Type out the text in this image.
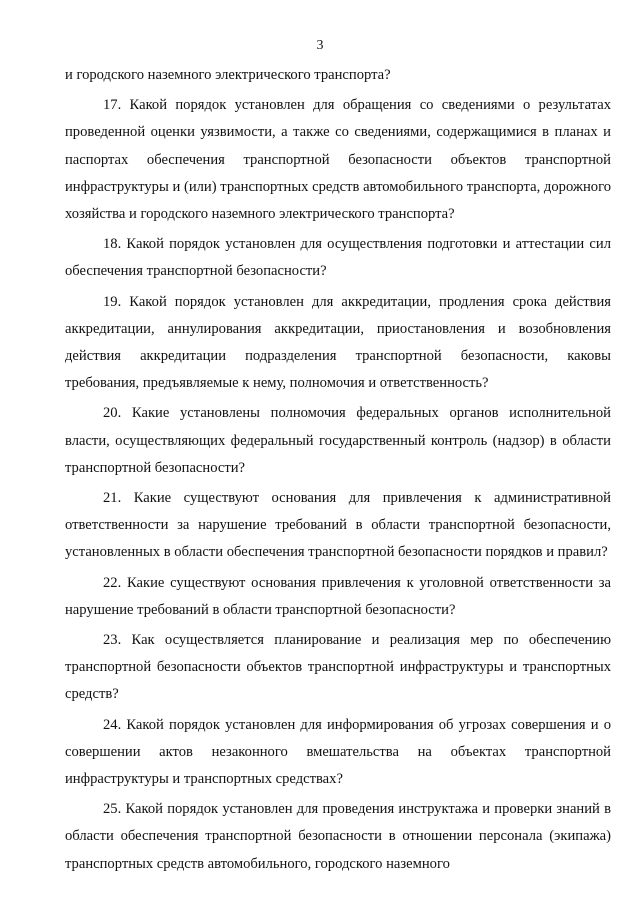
3

и городского наземного электрического транспорта?

17. Какой порядок установлен для обращения со сведениями о результатах проведенной оценки уязвимости, а также со сведениями, содержащимися в планах и паспортах обеспечения транспортной безопасности объектов транспортной инфраструктуры и (или) транспортных средств автомобильного транспорта, дорожного хозяйства и городского наземного электрического транспорта?

18. Какой порядок установлен для осуществления подготовки и аттестации сил обеспечения транспортной безопасности?

19. Какой порядок установлен для аккредитации, продления срока действия аккредитации, аннулирования аккредитации, приостановления и возобновления действия аккредитации подразделения транспортной безопасности, каковы требования, предъявляемые к нему, полномочия и ответственность?

20. Какие установлены полномочия федеральных органов исполнительной власти, осуществляющих федеральный государственный контроль (надзор) в области транспортной безопасности?

21. Какие существуют основания для привлечения к административной ответственности за нарушение требований в области транспортной безопасности, установленных в области обеспечения транспортной безопасности порядков и правил?

22. Какие существуют основания привлечения к уголовной ответственности за нарушение требований в области транспортной безопасности?

23. Как осуществляется планирование и реализация мер по обеспечению транспортной безопасности объектов транспортной инфраструктуры и транспортных средств?

24. Какой порядок установлен для информирования об угрозах совершения и о совершении актов незаконного вмешательства на объектах транспортной инфраструктуры и транспортных средствах?

25. Какой порядок установлен для проведения инструктажа и проверки знаний в области обеспечения транспортной безопасности в отношении персонала (экипажа) транспортных средств автомобильного, городского наземного
